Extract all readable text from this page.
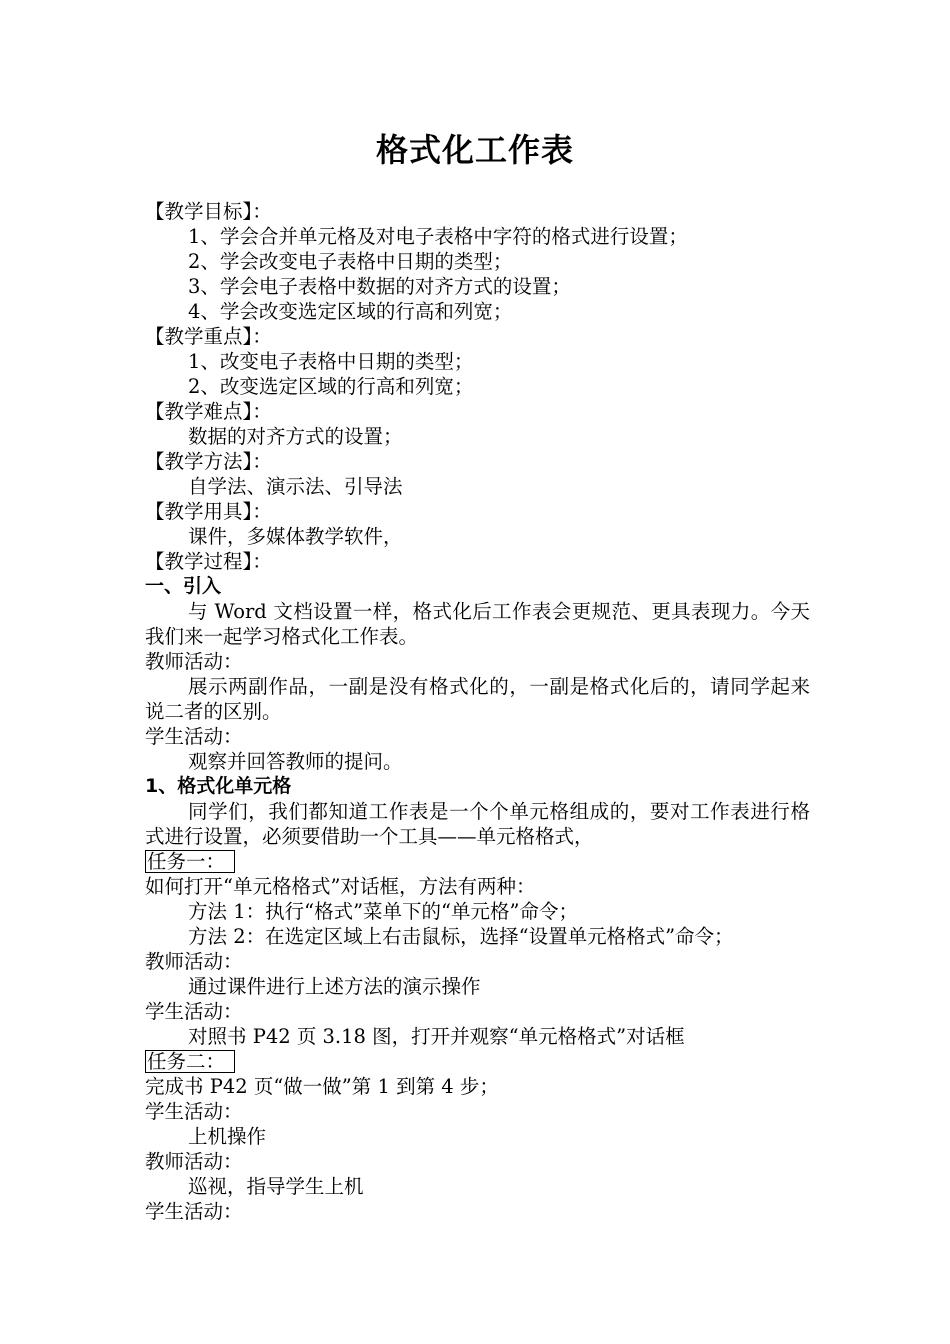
格式化工作表
【教学目标】：
1、学会合并单元格及对电子表格中字符的格式进行设置；
2、学会改变电子表格中日期的类型；
3、学会电子表格中数据的对齐方式的设置；
4、学会改变选定区域的行高和列宽；
【教学重点】：
1、改变电子表格中日期的类型；
2、改变选定区域的行高和列宽；
【教学难点】：
数据的对齐方式的设置；
【教学方法】：
自学法、演示法、引导法
【教学用具】：
课件，多媒体教学软件，
【教学过程】：
一、引入
与 Word 文档设置一样，格式化后工作表会更规范、更具表现力。今天我们来一起学习格式化工作表。
教师活动：
展示两副作品，一副是没有格式化的，一副是格式化后的，请同学起来说二者的区别。
学生活动：
观察并回答教师的提问。
1、格式化单元格
同学们，我们都知道工作表是一个个单元格组成的，要对工作表进行格式进行设置，必须要借助一个工具——单元格格式，
任务一：
如何打开“单元格格式”对话框，方法有两种：
方法 1：执行“格式”菜单下的“单元格”命令；
方法 2：在选定区域上右击鼠标，选择“设置单元格格式”命令；
教师活动：
通过课件进行上述方法的演示操作
学生活动：
对照书 P42 页 3.18 图，打开并观察“单元格格式”对话框
任务二：
完成书 P42 页“做一做”第 1 到第 4 步；
学生活动：
上机操作
教师活动：
巡视，指导学生上机
学生活动：
